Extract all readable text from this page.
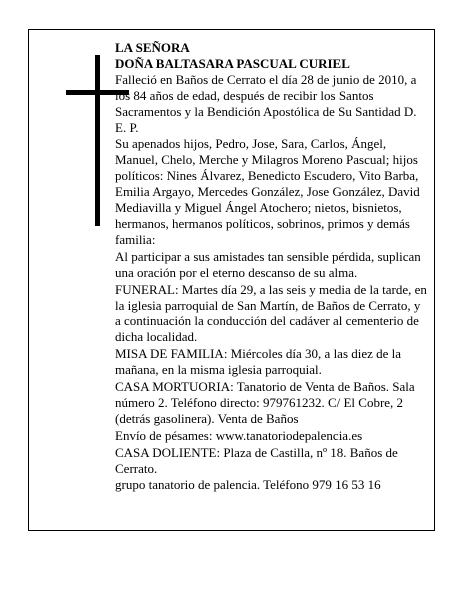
LA SEÑORA
DOÑA BALTASARA PASCUAL CURIEL

Falleció en Baños de Cerrato el día 28 de junio de 2010, a los 84 años de edad, después de recibir los Santos Sacramentos y la Bendición Apostólica de Su Santidad D. E. P.

Su apenados hijos, Pedro, Jose, Sara, Carlos, Ángel, Manuel, Chelo, Merche y Milagros Moreno Pascual; hijos políticos: Nines Álvarez, Benedicto Escudero, Vito Barba, Emilia Argayo, Mercedes González, Jose González, David Mediavilla y Miguel Ángel Atochero; nietos, bisnietos, hermanos, hermanos políticos, sobrinos, primos y demás familia:

Al participar a sus amistades tan sensible pérdida, suplican una oración por el eterno descanso de su alma.

FUNERAL: Martes día 29, a las seis y media de la tarde, en la iglesia parroquial de San Martín, de Baños de Cerrato, y a continuación la conducción del cadáver al cementerio de dicha localidad.

MISA DE FAMILIA: Miércoles día 30, a las diez de la mañana, en la misma iglesia parroquial.

CASA MORTUORIA: Tanatorio de Venta de Baños. Sala número 2. Teléfono directo: 979761232. C/ El Cobre, 2 (detrás gasolinera). Venta de Baños

Envío de pésames: www.tanatoriodepalencia.es

CASA DOLIENTE: Plaza de Castilla, nº 18. Baños de Cerrato.

grupo tanatorio de palencia. Teléfono 979 16 53 16
